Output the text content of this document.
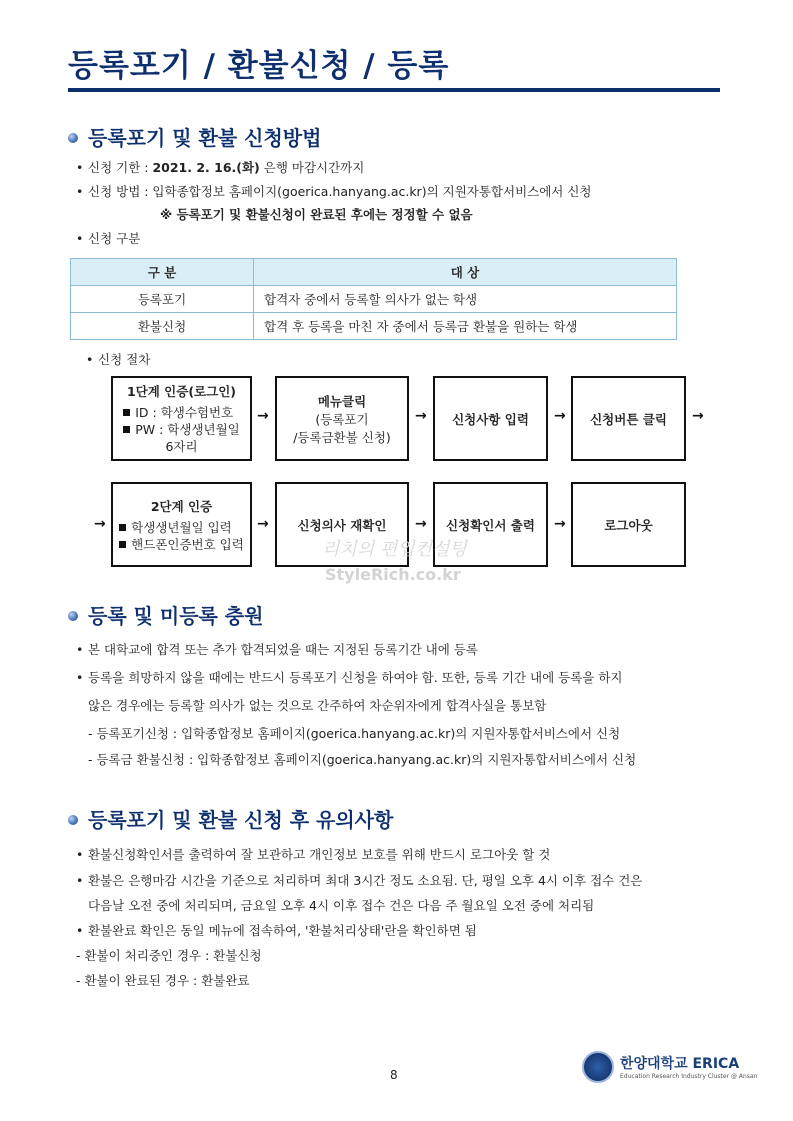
등록포기 / 환불신청 / 등록
등록포기 및 환불 신청방법
• 신청 기한 : 2021. 2. 16.(화) 은행 마감시간까지
• 신청 방법 : 입학종합정보 홈페이지(goerica.hanyang.ac.kr)의 지원자통합서비스에서 신청
※ 등록포기 및 환불신청이 완료된 후에는 정정할 수 없음
• 신청 구분
구 분	대 상
등록포기	합격자 중에서 등록할 의사가 없는 학생
환불신청	합격 후 등록을 마친 자 중에서 등록금 환불을 원하는 학생
• 신청 절차
1단계 인증(로그인)
ID : 학생수험번호
PW : 학생생년월일
6자리
→
메뉴클릭
(등록포기
/등록금환불 신청)
→ 신청사항 입력 → 신청버튼 클릭 →
→
2단계 인증
학생생년월일 입력
핸드폰인증번호 입력
→ 신청의사 재확인 → 신청확인서 출력 →	로그아웃
리치의 편입컨설팅
StyleRich.co.kr
등록 및 미등록 충원
• 본 대학교에 합격 또는 추가 합격되었을 때는 지정된 등록기간 내에 등록
• 등록을 희망하지 않을 때에는 반드시 등록포기 신청을 하여야 함. 또한, 등록 기간 내에 등록을 하지
않은 경우에는 등록할 의사가 없는 것으로 간주하여 차순위자에게 합격사실을 통보함
- 등록포기신청 : 입학종합정보 홈페이지(goerica.hanyang.ac.kr)의 지원자통합서비스에서 신청
- 등록금 환불신청 : 입학종합정보 홈페이지(goerica.hanyang.ac.kr)의 지원자통합서비스에서 신청
등록포기 및 환불 신청 후 유의사항
• 환불신청확인서를 출력하여 잘 보관하고 개인정보 보호를 위해 반드시 로그아웃 할 것
• 환불은 은행마감 시간을 기준으로 처리하며 최대 3시간 정도 소요됨. 단, 평일 오후 4시 이후 접수 건은
다음날 오전 중에 처리되며, 금요일 오후 4시 이후 접수 건은 다음 주 월요일 오전 중에 처리됨
• 환불완료 확인은 동일 메뉴에 접속하여, '환불처리상태'란을 확인하면 됨
- 환불이 처리중인 경우 : 환불신청
- 환불이 완료된 경우 : 환불완료
8
한양대학교 ERICA
Education Research Industry Cluster @ Ansan
